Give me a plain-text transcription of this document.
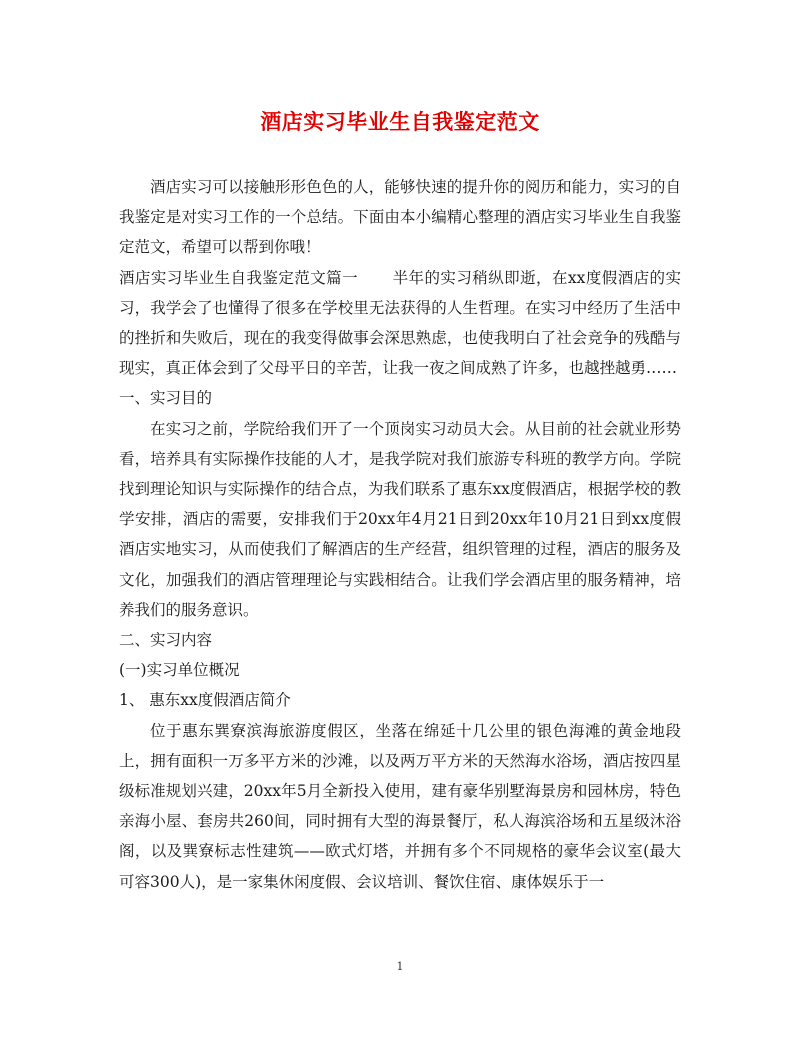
酒店实习毕业生自我鉴定范文

酒店实习可以接触形形色色的人，能够快速的提升你的阅历和能力，实习的自我鉴定是对实习工作的一个总结。下面由本小编精心整理的酒店实习毕业生自我鉴定范文，希望可以帮到你哦！

酒店实习毕业生自我鉴定范文篇一 半年的实习稍纵即逝，在xx度假酒店的实习，我学会了也懂得了很多在学校里无法获得的人生哲理。在实习中经历了生活中的挫折和失败后，现在的我变得做事会深思熟虑，也使我明白了社会竞争的残酷与现实，真正体会到了父母平日的辛苦，让我一夜之间成熟了许多，也越挫越勇……

一、实习目的

在实习之前，学院给我们开了一个顶岗实习动员大会。从目前的社会就业形势看，培养具有实际操作技能的人才，是我学院对我们旅游专科班的教学方向。学院找到理论知识与实际操作的结合点，为我们联系了惠东xx度假酒店，根据学校的教学安排，酒店的需要，安排我们于20xx年4月21日到20xx年10月21日到xx度假酒店实地实习，从而使我们了解酒店的生产经营，组织管理的过程，酒店的服务及文化，加强我们的酒店管理理论与实践相结合。让我们学会酒店里的服务精神，培养我们的服务意识。

二、实习内容

(一)实习单位概况

1、 惠东xx度假酒店简介

位于惠东巽寮滨海旅游度假区，坐落在绵延十几公里的银色海滩的黄金地段上，拥有面积一万多平方米的沙滩，以及两万平方米的天然海水浴场，酒店按四星级标准规划兴建，20xx年5月全新投入使用，建有豪华别墅海景房和园林房，特色亲海小屋、套房共260间，同时拥有大型的海景餐厅，私人海滨浴场和五星级沐浴阁，以及巽寮标志性建筑——欧式灯塔，并拥有多个不同规格的豪华会议室(最大可容300人)，是一家集休闲度假、会议培训、餐饮住宿、康体娱乐于一

1
